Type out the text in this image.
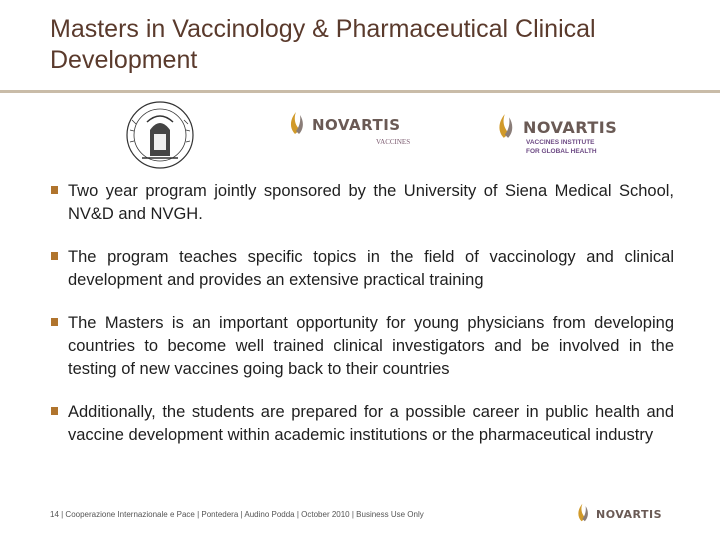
Masters in Vaccinology & Pharmaceutical Clinical Development
NOVARTIS
VACCINES
NOVARTIS
VACCINES INSTITUTE
FOR GLOBAL HEALTH
Two year program jointly sponsored by the University of Siena Medical School, NV&D and NVGH.
The program teaches specific topics in the field of vaccinology and clinical development and provides an extensive practical training
The Masters is an important opportunity for young physicians from developing countries to become well trained clinical investigators and be involved in the testing of new vaccines going back to their countries
Additionally, the students are prepared for a possible career in public health and vaccine development within academic institutions or the pharmaceutical industry
14 | Cooperazione Internazionale e Pace | Pontedera | Audino Podda | October 2010 | Business Use Only	NOVARTIS
